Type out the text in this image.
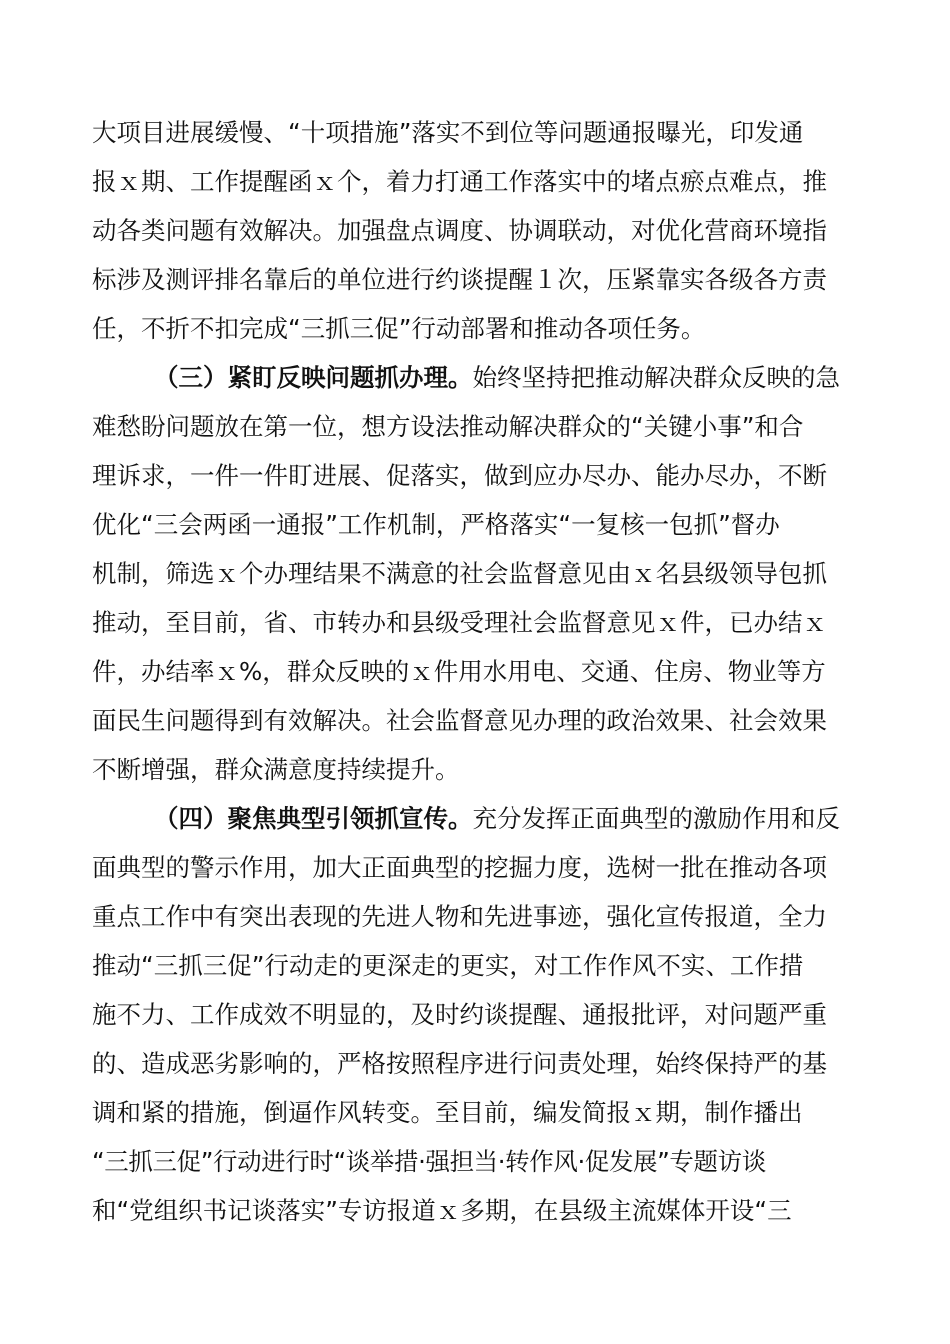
大项目进展缓慢、“十项措施”落实不到位等问题通报曝光，印发通
报ｘ期、工作提醒函ｘ个，着力打通工作落实中的堵点瘀点难点，推
动各类问题有效解决。加强盘点调度、协调联动，对优化营商环境指
标涉及测评排名靠后的单位进行约谈提醒１次，压紧靠实各级各方责
任，不折不扣完成“三抓三促”行动部署和推动各项任务。
（三）紧盯反映问题抓办理。始终坚持把推动解决群众反映的急
难愁盼问题放在第一位，想方设法推动解决群众的“关键小事”和合
理诉求，一件一件盯进展、促落实，做到应办尽办、能办尽办，不断
优化“三会两函一通报”工作机制，严格落实“一复核一包抓”督办
机制，筛选ｘ个办理结果不满意的社会监督意见由ｘ名县级领导包抓
推动，至目前，省、市转办和县级受理社会监督意见ｘ件，已办结ｘ
件，办结率ｘ%，群众反映的ｘ件用水用电、交通、住房、物业等方
面民生问题得到有效解决。社会监督意见办理的政治效果、社会效果
不断增强，群众满意度持续提升。
（四）聚焦典型引领抓宣传。充分发挥正面典型的激励作用和反
面典型的警示作用，加大正面典型的挖掘力度，选树一批在推动各项
重点工作中有突出表现的先进人物和先进事迹，强化宣传报道，全力
推动“三抓三促”行动走的更深走的更实，对工作作风不实、工作措
施不力、工作成效不明显的，及时约谈提醒、通报批评，对问题严重
的、造成恶劣影响的，严格按照程序进行问责处理，始终保持严的基
调和紧的措施，倒逼作风转变。至目前，编发简报ｘ期，制作播出
“三抓三促”行动进行时“谈举措·强担当·转作风·促发展”专题访谈
和“党组织书记谈落实”专访报道ｘ多期，在县级主流媒体开设“三
